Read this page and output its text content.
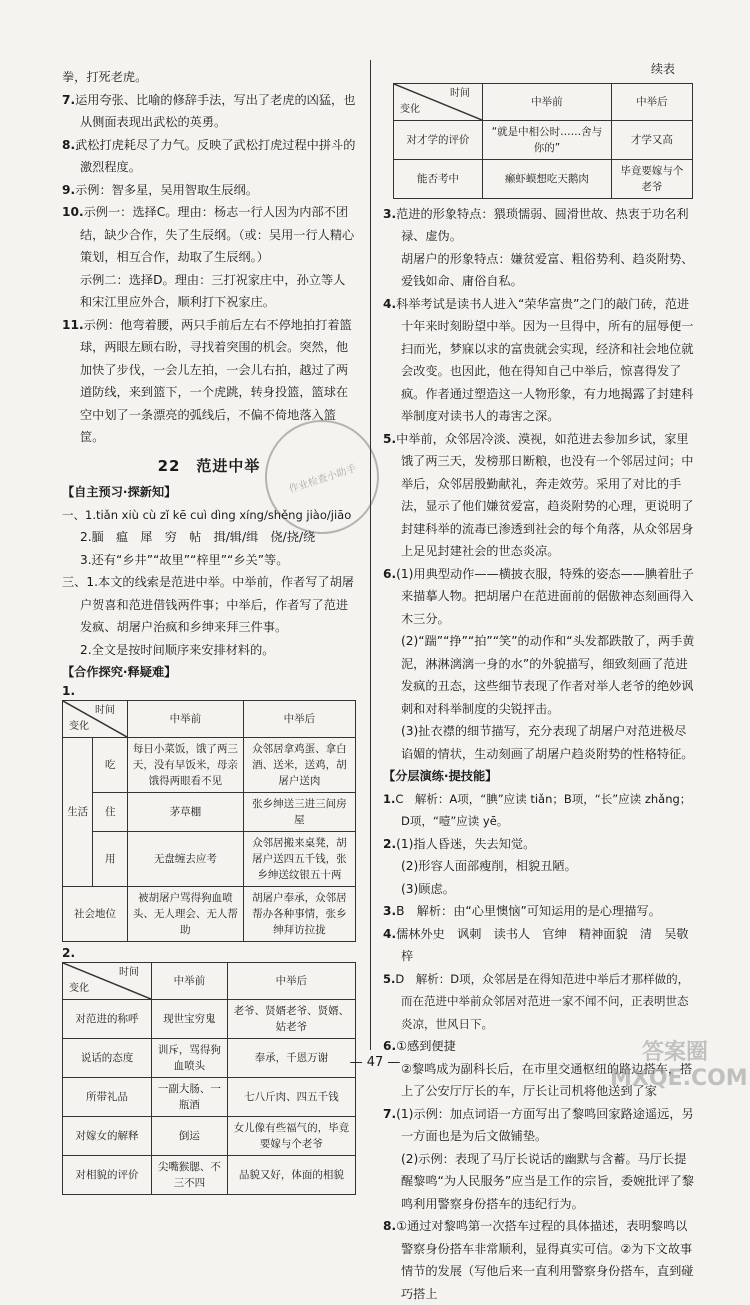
拳，打死老虎。

7.运用夸张、比喻的修辞手法，写出了老虎的凶猛，也从侧面表现出武松的英勇。

8.武松打虎耗尽了力气。反映了武松打虎过程中拼斗的激烈程度。

9.示例：智多星，吴用智取生辰纲。

10.示例一：选择C。理由：杨志一行人因为内部不团结，缺少合作，失了生辰纲。（或：吴用一行人精心策划，相互合作，劫取了生辰纲。）

示例二：选择D。理由：三打祝家庄中，孙立等人和宋江里应外合，顺利打下祝家庄。

11.示例：他弯着腰，两只手前后左右不停地拍打着篮球，两眼左顾右盼，寻找着突围的机会。突然，他加快了步伐，一会儿左拍，一会儿右拍，越过了两道防线，来到篮下，一个虎跳，转身投篮，篮球在空中划了一条漂亮的弧线后，不偏不倚地落入篮筐。

22　范进中举
【自主预习·探新知】

一、1.tiǎn xiù cù zǐ kē cuì dìng xíng/shěng jiào/jiāo

2.腼　瘟　犀　穷　帖　揖/辑/缉　侥/挠/绕

3.还有“乡井”“故里”“梓里”“乡关”等。

三、1.本文的线索是范进中举。中举前，作者写了胡屠户贺喜和范进借钱两件事；中举后，作者写了范进发疯、胡屠户治疯和乡绅来拜三件事。

2.全文是按时间顺序来安排材料的。

【合作探究·释疑难】
1.
时间
变化		中举前	中举后
生活	吃	每日小菜饭，饿了两三天，没有早饭米，母亲饿得两眼看不见	众邻居拿鸡蛋、拿白酒、送米，送鸡，胡屠户送肉
	住	茅草棚	张乡绅送三进三间房屋
	用	无盘缠去应考	众邻居搬来桌凳，胡屠户送四五千钱，张乡绅送纹银五十两
社会地位		被胡屠户骂得狗血喷头、无人理会、无人帮助	胡屠户奉承，众邻居帮办各种事情，张乡绅拜访拉拢
2.
时间
变化	中举前	中举后
对范进的称呼	现世宝穷鬼	老爷、贤婿老爷、贤婿、姑老爷
说话的态度	训斥，骂得狗血喷头	奉承，千恩万谢
所带礼品	一副大肠、一瓶酒	七八斤肉、四五千钱
对嫁女的解释	倒运	女儿像有些福气的，毕竟要嫁与个老爷
对相貌的评价	尖嘴猴腮、不三不四	品貌又好，体面的相貌
续表
时间
变化	中举前	中举后
对才学的评价	“就是中相公时……舍与你的”	才学又高
能否考中	癞虾蟆想吃天鹅肉	毕竟要嫁与个老爷

3.范进的形象特点：猥琐懦弱、圆滑世故、热衷于功名利禄、虚伪。

胡屠户的形象特点：嫌贫爱富、粗俗势利、趋炎附势、爱钱如命、庸俗自私。

4.科举考试是读书人进入“荣华富贵”之门的敲门砖，范进十年来时刻盼望中举。因为一旦得中，所有的屈辱便一扫而光，梦寐以求的富贵就会实现，经济和社会地位就会改变。也因此，他在得知自己中举后，惊喜得发了疯。作者通过塑造这一人物形象，有力地揭露了封建科举制度对读书人的毒害之深。

5.中举前，众邻居冷淡、漠视，如范进去参加乡试，家里饿了两三天，发榜那日断粮，也没有一个邻居过问；中举后，众邻居殷勤献礼，奔走效劳。采用了对比的手法，显示了他们嫌贫爱富，趋炎附势的心理，更说明了封建科举的流毒已渗透到社会的每个角落，从众邻居身上足见封建社会的世态炎凉。

6.(1)用典型动作——横披衣服，特殊的姿态——腆着肚子来描摹人物。把胡屠户在范进面前的倨傲神态刻画得入木三分。

(2)“踹”“挣”“拍”“笑”的动作和“头发都跌散了，两手黄泥，淋淋漓漓一身的水”的外貌描写，细致刻画了范进发疯的丑态，这些细节表现了作者对举人老爷的绝妙讽刺和对科举制度的尖锐抨击。

(3)扯衣襟的细节描写，充分表现了胡屠户对范进极尽谄媚的情状，生动刻画了胡屠户趋炎附势的性格特征。

【分层演练·提技能】

1.C　解析：A项，“腆”应读 tiǎn；B项，“长”应读 zhǎng；D项，“噎”应读 yē。

2.(1)指人昏迷，失去知觉。

(2)形容人面部瘦削，相貌丑陋。

(3)顾虑。

3.B　解析：由“心里懊恼”可知运用的是心理描写。

4.儒林外史　讽刺　读书人　官绅　精神面貌　清　吴敬梓

5.D　解析：D项，众邻居是在得知范进中举后才那样做的，而在范进中举前众邻居对范进一家不闻不问，正表明世态炎凉，世风日下。

6.①感到便捷

②黎鸣成为副科长后，在市里交通枢纽的路边搭车，搭上了公安厅厅长的车，厅长让司机将他送到了家

7.(1)示例：加点词语一方面写出了黎鸣回家路途遥远，另一方面也是为后文做铺垫。

(2)示例：表现了马厅长说话的幽默与含蓄。马厅长提醒黎鸣“为人民服务”应当是工作的宗旨，委婉批评了黎鸣利用警察身份搭车的违纪行为。

8.①通过对黎鸣第一次搭车过程的具体描述，表明黎鸣以警察身份搭车非常顺利，显得真实可信。②为下文故事情节的发展（写他后来一直利用警察身份搭车，直到碰巧搭上

作业检查小助手
— 47 —	答案圈 MXQE.COM
